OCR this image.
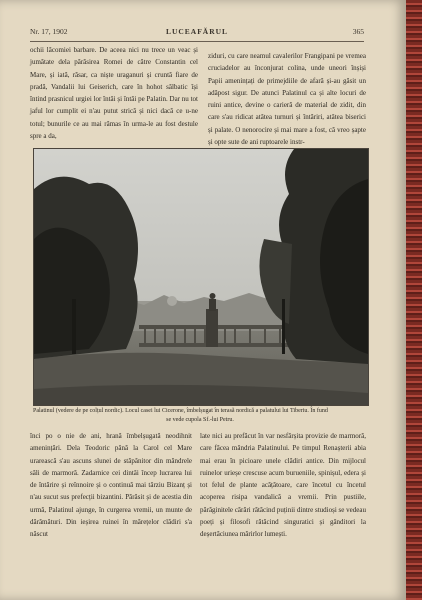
Nr. 17, 1902	LUCEAFĂRUL	365

ochii lăcomiei barbare. De aceea nici nu trece un veac și jumătate dela părăsirea Romei de către Constantin cel Mare, și iată, răsar, ca niște uraganuri și cruntă fiare de pradă, Vandalii lui Geiserich, care în hohot sălbatic își întind prasnicul urgiei lor întâi și întâi pe Palatin. Dar nu tot jaful lor cumplit ei n'au putut strică și nici dacă ce u-ne totul; bunurile ce au mai rămas în urma-le au fost destule spre a da,

ziduri, cu care neamul cavalerilor Frangipani pe vremea cruciadelor au înconjurat colina, unde uneori înșiși Papii amenințați de primejdiile de afară și-au găsit un adăpost sigur. De atunci Palatinul ca și alte locuri de ruini antice, devine o carieră de material de zidit, din care s'au ridicat atâtea turnuri și întăriri, atâtea biserici și palate. O nenorocire și mai mare a fost, că vreo șapte și opte sute de ani ruptoarele instr-

Palatinul (vedere de pe colțul nordic). Locul casei lui Cicerone, îmbelșugat în terasă nordică a palatului lui Tiberiu. În fund
se vede cupola Sf.-lui Petru.

înci po o nie de ani, hrană îmbelșugată neodihnit amenințări. Dela Teodoric până la Carol cel Mare urarească s'au ascuns slunei de stăpânitor din măndrele săli de marmoră. Zadarnice cei dintâi încep lucrarea lui de întărire și reînnoire și o continuă mai târziu Bizanț și n'au sucut sus prefecții bizantini. Părăsit și de acestia din urmă, Palatinul ajunge, în curgerea vremii, un munte de dărâmături. Din ieșirea ruinei în mărețelor clădiri s'a născut

late nici au prefăcut în var nesfârșita provizie de marmoră, care făcea mândria Palatinului. Pe timpul Renașterii abia mai erau în picioare unele clădiri antice. Din mijlocul ruinelor urieșe crescuse acum burueniile, spinișul, edera și tot felul de plante acățătoare, care încetul cu încetul acoperea risipa vandalică a vremii. Prin pustiile, părăginitele cărări rătăcind puținii dintre studioși se vedeau poeți și filosofi rătăcind singuratici și gânditori la deșertăciunea mărirlor lumești.
